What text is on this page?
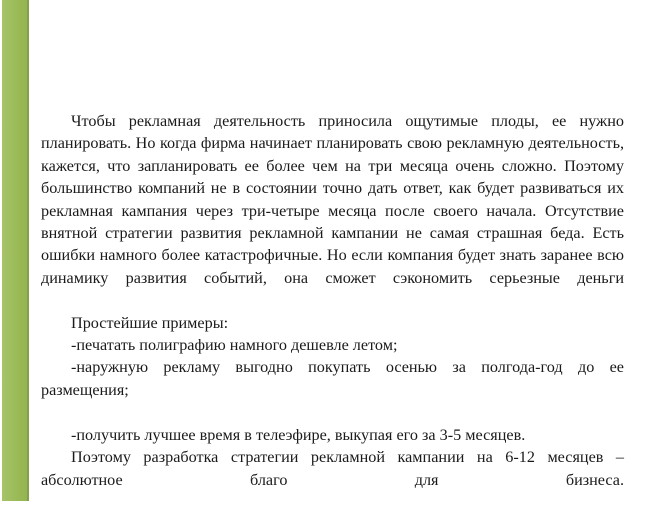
Чтобы рекламная деятельность приносила ощутимые плоды, ее нужно планировать. Но когда фирма начинает планировать свою рекламную деятельность, кажется, что запланировать ее более чем на три месяца очень сложно. Поэтому большинство компаний не в состоянии точно дать ответ, как будет развиваться их рекламная кампания через три-четыре месяца после своего начала. Отсутствие внятной стратегии развития рекламной кампании не самая страшная беда. Есть ошибки намного более катастрофичные. Но если компания будет знать заранее всю динамику развития событий, она сможет сэкономить серьезные деньги

Простейшие примеры:

-печатать полиграфию намного дешевле летом;

-наружную рекламу выгодно покупать осенью за полгода-год до ее размещения;

-получить лучшее время в телеэфире, выкупая его за 3-5 месяцев.

Поэтому разработка стратегии рекламной кампании на 6-12 месяцев – абсолютное благо для бизнеса.
